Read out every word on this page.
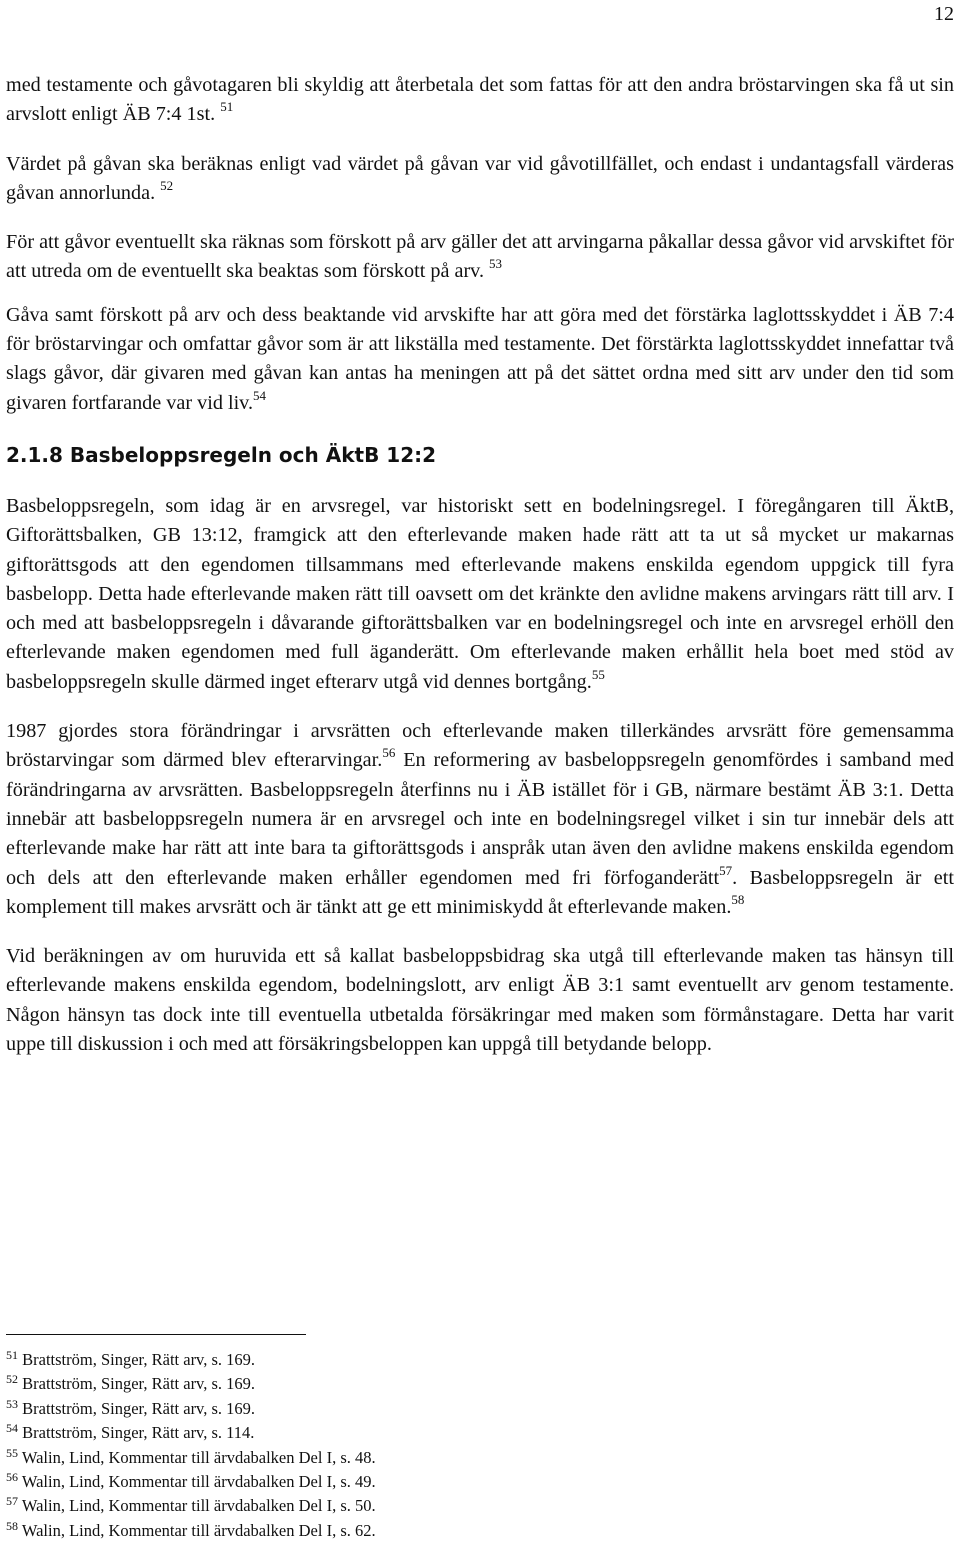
12

med testamente och gåvotagaren bli skyldig att återbetala det som fattas för att den andra bröstarvingen ska få ut sin arvslott enligt ÄB 7:4 1st. $^{51}$

Värdet på gåvan ska beräknas enligt vad värdet på gåvan var vid gåvotillfället, och endast i undantagsfall värderas gåvan annorlunda. $^{52}$

För att gåvor eventuellt ska räknas som förskott på arv gäller det att arvingarna påkallar dessa gåvor vid arvskiftet för att utreda om de eventuellt ska beaktas som förskott på arv. $^{53}$

Gåva samt förskott på arv och dess beaktande vid arvskifte har att göra med det förstärka laglottsskyddet i ÄB 7:4 för bröstarvingar och omfattar gåvor som är att likställa med testamente. Det förstärkta laglottsskyddet innefattar två slags gåvor, där givaren med gåvan kan antas ha meningen att på det sättet ordna med sitt arv under den tid som givaren fortfarande var vid liv.$^{54}$

2.1.8 Basbeloppsregeln och ÄktB 12:2

Basbeloppsregeln, som idag är en arvsregel, var historiskt sett en bodelningsregel. I föregångaren till ÄktB, Giftorättsbalken, GB 13:12, framgick att den efterlevande maken hade rätt att ta ut så mycket ur makarnas giftorättsgods att den egendomen tillsammans med efterlevande makens enskilda egendom uppgick till fyra basbelopp. Detta hade efterlevande maken rätt till oavsett om det kränkte den avlidne makens arvingars rätt till arv. I och med att basbeloppsregeln i dåvarande giftorättsbalken var en bodelningsregel och inte en arvsregel erhöll den efterlevande maken egendomen med full äganderätt. Om efterlevande maken erhållit hela boet med stöd av basbeloppsregeln skulle därmed inget efterarv utgå vid dennes bortgång.$^{55}$

1987 gjordes stora förändringar i arvsrätten och efterlevande maken tillerkändes arvsrätt före gemensamma bröstarvingar som därmed blev efterarvingar.$^{56}$ En reformering av basbeloppsregeln genomfördes i samband med förändringarna av arvsrätten. Basbeloppsregeln återfinns nu i ÄB istället för i GB, närmare bestämt ÄB 3:1. Detta innebär att basbeloppsregeln numera är en arvsregel och inte en bodelningsregel vilket i sin tur innebär dels att efterlevande make har rätt att inte bara ta giftorättsgods i anspråk utan även den avlidne makens enskilda egendom och dels att den efterlevande maken erhåller egendomen med fri förfoganderätt$^{57}$. Basbeloppsregeln är ett komplement till makes arvsrätt och är tänkt att ge ett minimiskydd åt efterlevande maken.$^{58}$

Vid beräkningen av om huruvida ett så kallat basbeloppsbidrag ska utgå till efterlevande maken tas hänsyn till efterlevande makens enskilda egendom, bodelningslott, arv enligt ÄB 3:1 samt eventuellt arv genom testamente. Någon hänsyn tas dock inte till eventuella utbetalda försäkringar med maken som förmånstagare. Detta har varit uppe till diskussion i och med att försäkringsbeloppen kan uppgå till betydande belopp.

$^{51}$ Brattström, Singer, Rätt arv, s. 169.
$^{52}$ Brattström, Singer, Rätt arv, s. 169.
$^{53}$ Brattström, Singer, Rätt arv, s. 169.
$^{54}$ Brattström, Singer, Rätt arv, s. 114.
$^{55}$ Walin, Lind, Kommentar till ärvdabalken Del I, s. 48.
$^{56}$ Walin, Lind, Kommentar till ärvdabalken Del I, s. 49.
$^{57}$ Walin, Lind, Kommentar till ärvdabalken Del I, s. 50.
$^{58}$ Walin, Lind, Kommentar till ärvdabalken Del I, s. 62.
